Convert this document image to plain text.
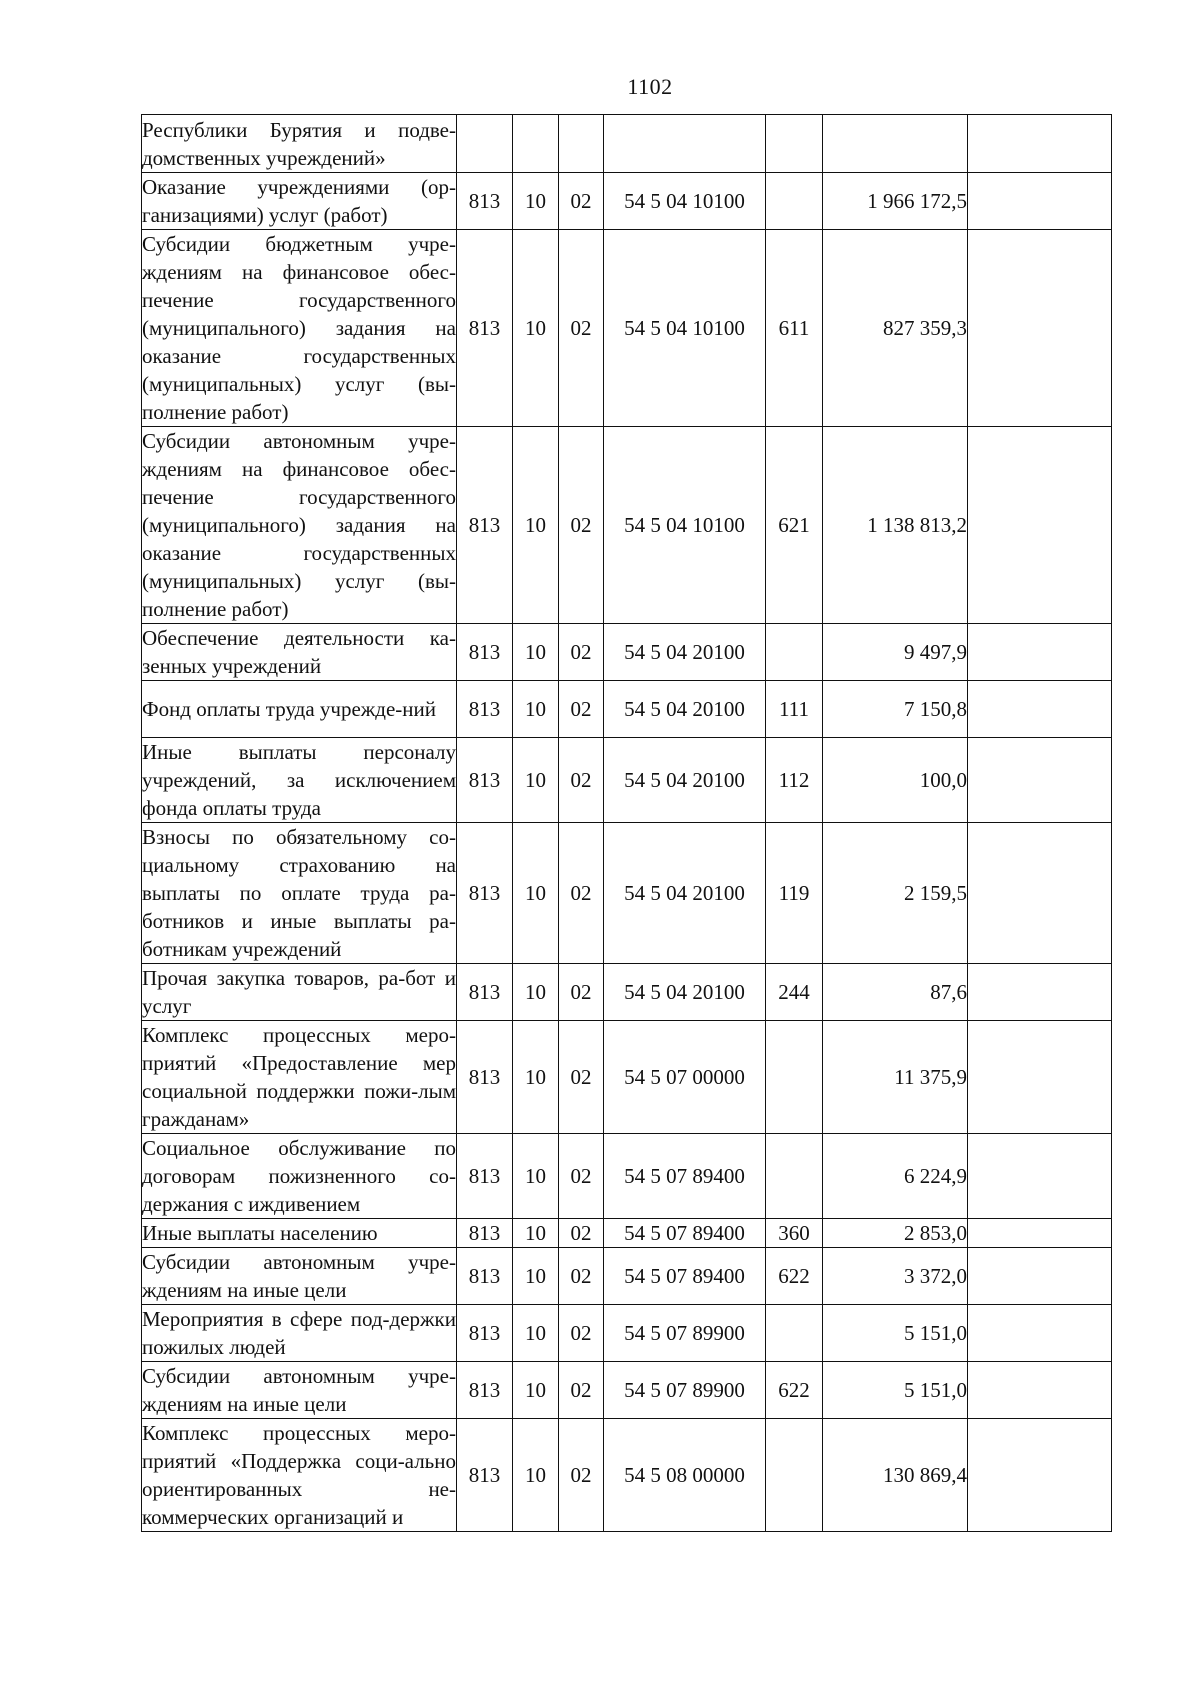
1102
Республики Бурятия и подве-домственных учреждений»							
Оказание учреждениями (ор-ганизациями) услуг (работ)	813	10	02	54 5 04 10100		1 966 172,5	
Субсидии бюджетным учре-ждениям на финансовое обес-печение государственного (муниципального) задания на оказание государственных (муниципальных) услуг (вы-полнение работ)	813	10	02	54 5 04 10100	611	827 359,3	
Субсидии автономным учре-ждениям на финансовое обес-печение государственного (муниципального) задания на оказание государственных (муниципальных) услуг (вы-полнение работ)	813	10	02	54 5 04 10100	621	1 138 813,2	
Обеспечение деятельности ка-зенных учреждений	813	10	02	54 5 04 20100		9 497,9	
Фонд оплаты труда учрежде-ний	813	10	02	54 5 04 20100	111	7 150,8	
Иные выплаты персоналу учреждений, за исключением фонда оплаты труда	813	10	02	54 5 04 20100	112	100,0	
Взносы по обязательному со-циальному страхованию на выплаты по оплате труда ра-ботников и иные выплаты ра-ботникам учреждений	813	10	02	54 5 04 20100	119	2 159,5	
Прочая закупка товаров, ра-бот и услуг	813	10	02	54 5 04 20100	244	87,6	
Комплекс процессных меро-приятий «Предоставление мер социальной поддержки пожи-лым гражданам»	813	10	02	54 5 07 00000		11 375,9	
Социальное обслуживание по договорам пожизненного со-держания с иждивением	813	10	02	54 5 07 89400		6 224,9	
Иные выплаты населению	813	10	02	54 5 07 89400	360	2 853,0	
Субсидии автономным учре-ждениям на иные цели	813	10	02	54 5 07 89400	622	3 372,0	
Мероприятия в сфере под-держки пожилых людей	813	10	02	54 5 07 89900		5 151,0	
Субсидии автономным учре-ждениям на иные цели	813	10	02	54 5 07 89900	622	5 151,0	
Комплекс процессных меро-приятий «Поддержка соци-ально ориентированных не-коммерческих организаций и	813	10	02	54 5 08 00000		130 869,4	
